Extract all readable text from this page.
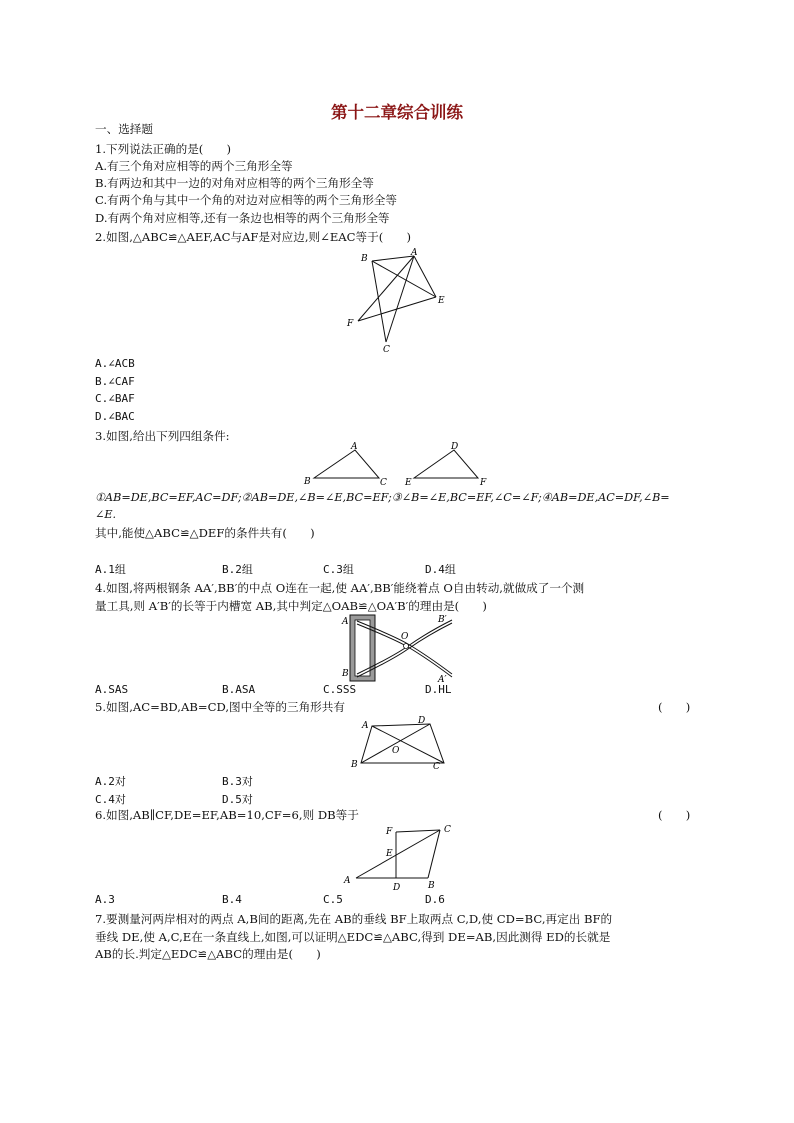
第十二章综合训练
一、选择题
1.下列说法正确的是(　　)
A.有三个角对应相等的两个三角形全等
B.有两边和其中一边的对角对应相等的两个三角形全等
C.有两个角与其中一个角的对边对应相等的两个三角形全等
D.有两个角对应相等,还有一条边也相等的两个三角形全等
2.如图,△ABC≌△AEF,AC与AF是对应边,则∠EAC等于(　　)
B
A
E
F
C
A.∠ACB
B.∠CAF
C.∠BAF
D.∠BAC
3.如图,给出下列四组条件:
A
B	C
D
E	F
①AB=DE,BC=EF,AC=DF;②AB=DE,∠B=∠E,BC=EF;③∠B=∠E,BC=EF,∠C=∠F;④AB=DE,AC=DF,∠B=
∠E.
其中,能使△ABC≌△DEF的条件共有(　　)
A.1组	B.2组	C.3组	D.4组
4.如图,将两根钢条 AA′,BB′的中点 O连在一起,使 AA′,BB′能绕着点 O自由转动,就做成了一个测
量工具,则 A′B′的长等于内槽宽 AB,其中判定△OAB≌△OA′B′的理由是(　　)
A
B
O
B′
A′
A.SAS	B.ASA	C.SSS	D.HL
5.如图,AC=BD,AB=CD,图中全等的三角形共有	(　　)
A	D
O
B	C
A.2对	B.3对
C.4对	D.5对
6.如图,AB∥CF,DE=EF,AB=10,CF=6,则 DB等于	(　　)
F	C
E
A
D	B
A.3	B.4	C.5	D.6
7.要测量河两岸相对的两点 A,B间的距离,先在 AB的垂线 BF上取两点 C,D,使 CD=BC,再定出 BF的
垂线 DE,使 A,C,E在一条直线上,如图,可以证明△EDC≌△ABC,得到 DE=AB,因此测得 ED的长就是
AB的长.判定△EDC≌△ABC的理由是(　　)
